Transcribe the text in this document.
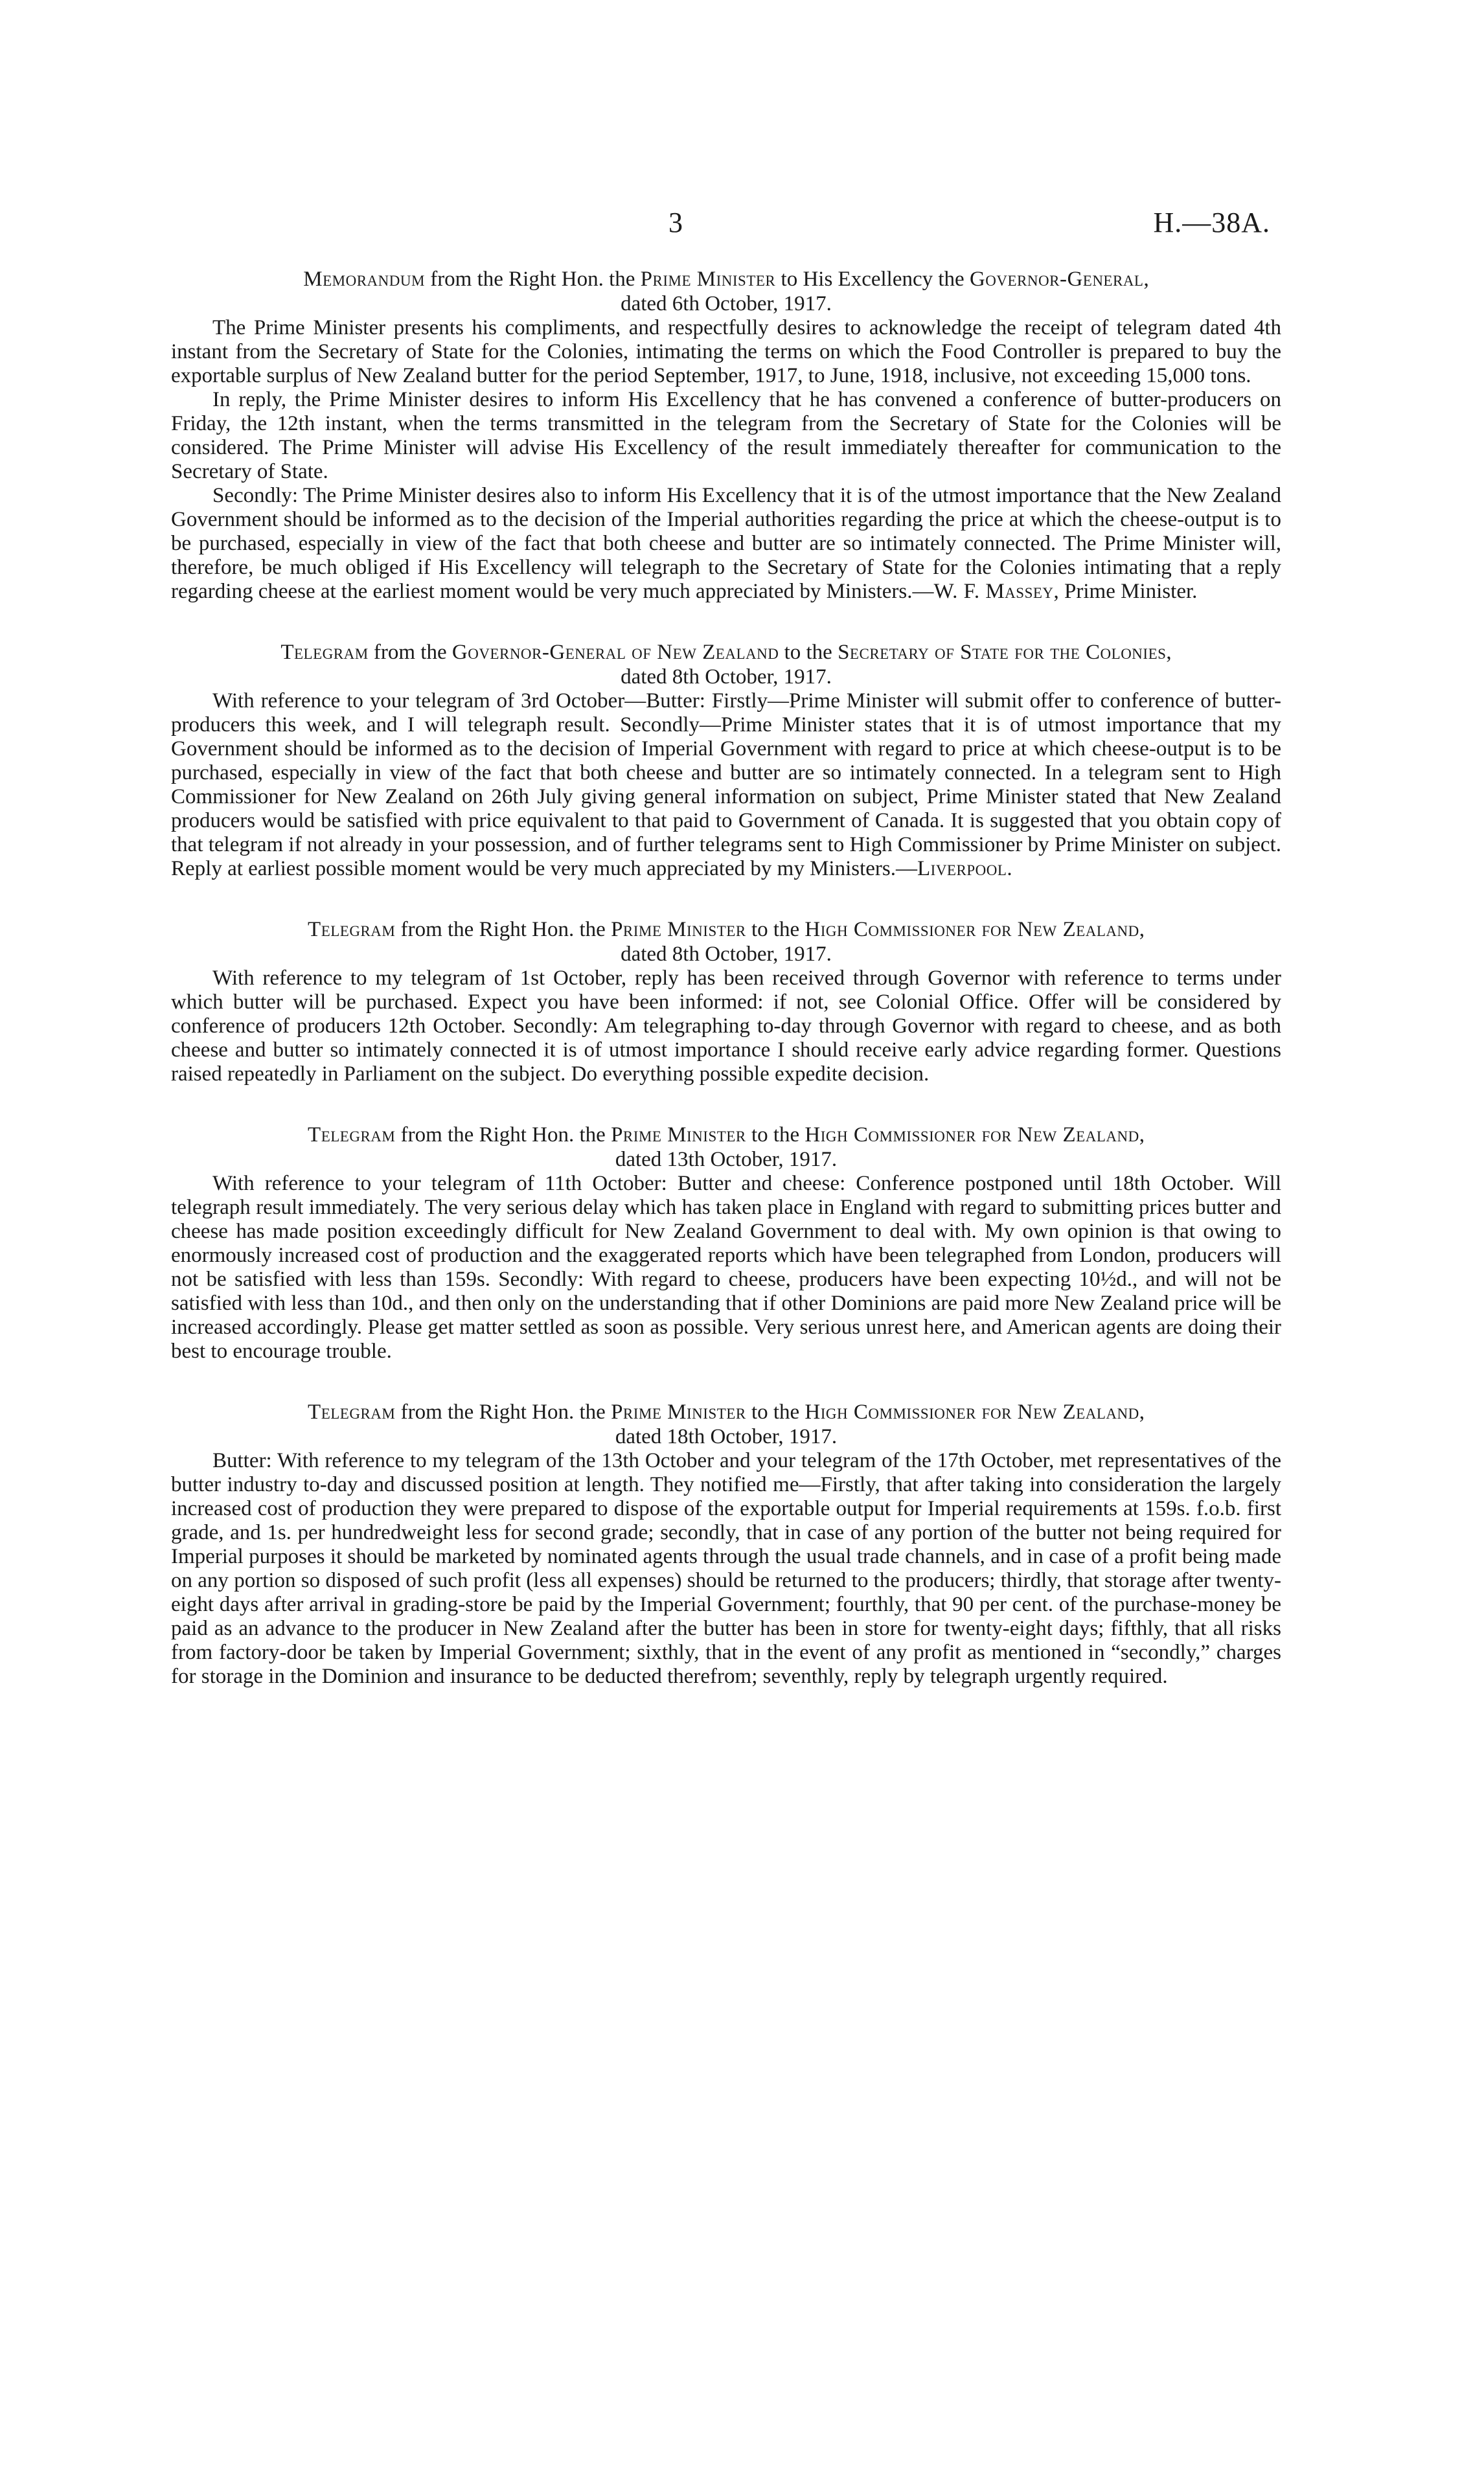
3	H.—38A.
Memorandum from the Right Hon. the Prime Minister to His Excellency the Governor-General,
dated 6th October, 1917.

The Prime Minister presents his compliments, and respectfully desires to acknowledge the receipt of telegram dated 4th instant from the Secretary of State for the Colonies, intimating the terms on which the Food Controller is prepared to buy the exportable surplus of New Zealand butter for the period September, 1917, to June, 1918, inclusive, not exceeding 15,000 tons.

In reply, the Prime Minister desires to inform His Excellency that he has convened a conference of butter-producers on Friday, the 12th instant, when the terms transmitted in the telegram from the Secretary of State for the Colonies will be considered. The Prime Minister will advise His Excellency of the result immediately thereafter for communication to the Secretary of State.

Secondly: The Prime Minister desires also to inform His Excellency that it is of the utmost importance that the New Zealand Government should be informed as to the decision of the Imperial authorities regarding the price at which the cheese-output is to be purchased, especially in view of the fact that both cheese and butter are so intimately connected. The Prime Minister will, therefore, be much obliged if His Excellency will telegraph to the Secretary of State for the Colonies intimating that a reply regarding cheese at the earliest moment would be very much appreciated by Ministers.—W. F. Massey, Prime Minister.

Telegram from the Governor-General of New Zealand to the Secretary of State for the Colonies,
dated 8th October, 1917.

With reference to your telegram of 3rd October—Butter: Firstly—Prime Minister will submit offer to conference of butter-producers this week, and I will telegraph result. Secondly—Prime Minister states that it is of utmost importance that my Government should be informed as to the decision of Imperial Government with regard to price at which cheese-output is to be purchased, especially in view of the fact that both cheese and butter are so intimately connected. In a telegram sent to High Commissioner for New Zealand on 26th July giving general information on subject, Prime Minister stated that New Zealand producers would be satisfied with price equivalent to that paid to Government of Canada. It is suggested that you obtain copy of that telegram if not already in your possession, and of further telegrams sent to High Commissioner by Prime Minister on subject. Reply at earliest possible moment would be very much appreciated by my Ministers.—Liverpool.

Telegram from the Right Hon. the Prime Minister to the High Commissioner for New Zealand,
dated 8th October, 1917.

With reference to my telegram of 1st October, reply has been received through Governor with reference to terms under which butter will be purchased. Expect you have been informed: if not, see Colonial Office. Offer will be considered by conference of producers 12th October. Secondly: Am telegraphing to-day through Governor with regard to cheese, and as both cheese and butter so intimately connected it is of utmost importance I should receive early advice regarding former. Questions raised repeatedly in Parliament on the subject. Do everything possible expedite decision.

Telegram from the Right Hon. the Prime Minister to the High Commissioner for New Zealand,
dated 13th October, 1917.

With reference to your telegram of 11th October: Butter and cheese: Conference postponed until 18th October. Will telegraph result immediately. The very serious delay which has taken place in England with regard to submitting prices butter and cheese has made position exceedingly difficult for New Zealand Government to deal with. My own opinion is that owing to enormously increased cost of production and the exaggerated reports which have been telegraphed from London, producers will not be satisfied with less than 159s. Secondly: With regard to cheese, producers have been expecting 10½d., and will not be satisfied with less than 10d., and then only on the understanding that if other Dominions are paid more New Zealand price will be increased accordingly. Please get matter settled as soon as possible. Very serious unrest here, and American agents are doing their best to encourage trouble.

Telegram from the Right Hon. the Prime Minister to the High Commissioner for New Zealand,
dated 18th October, 1917.

Butter: With reference to my telegram of the 13th October and your telegram of the 17th October, met representatives of the butter industry to-day and discussed position at length. They notified me—Firstly, that after taking into consideration the largely increased cost of production they were prepared to dispose of the exportable output for Imperial requirements at 159s. f.o.b. first grade, and 1s. per hundredweight less for second grade; secondly, that in case of any portion of the butter not being required for Imperial purposes it should be marketed by nominated agents through the usual trade channels, and in case of a profit being made on any portion so disposed of such profit (less all expenses) should be returned to the producers; thirdly, that storage after twenty-eight days after arrival in grading-store be paid by the Imperial Government; fourthly, that 90 per cent. of the purchase-money be paid as an advance to the producer in New Zealand after the butter has been in store for twenty-eight days; fifthly, that all risks from factory-door be taken by Imperial Government; sixthly, that in the event of any profit as mentioned in “secondly,” charges for storage in the Dominion and insurance to be deducted therefrom; seventhly, reply by telegraph urgently required.
